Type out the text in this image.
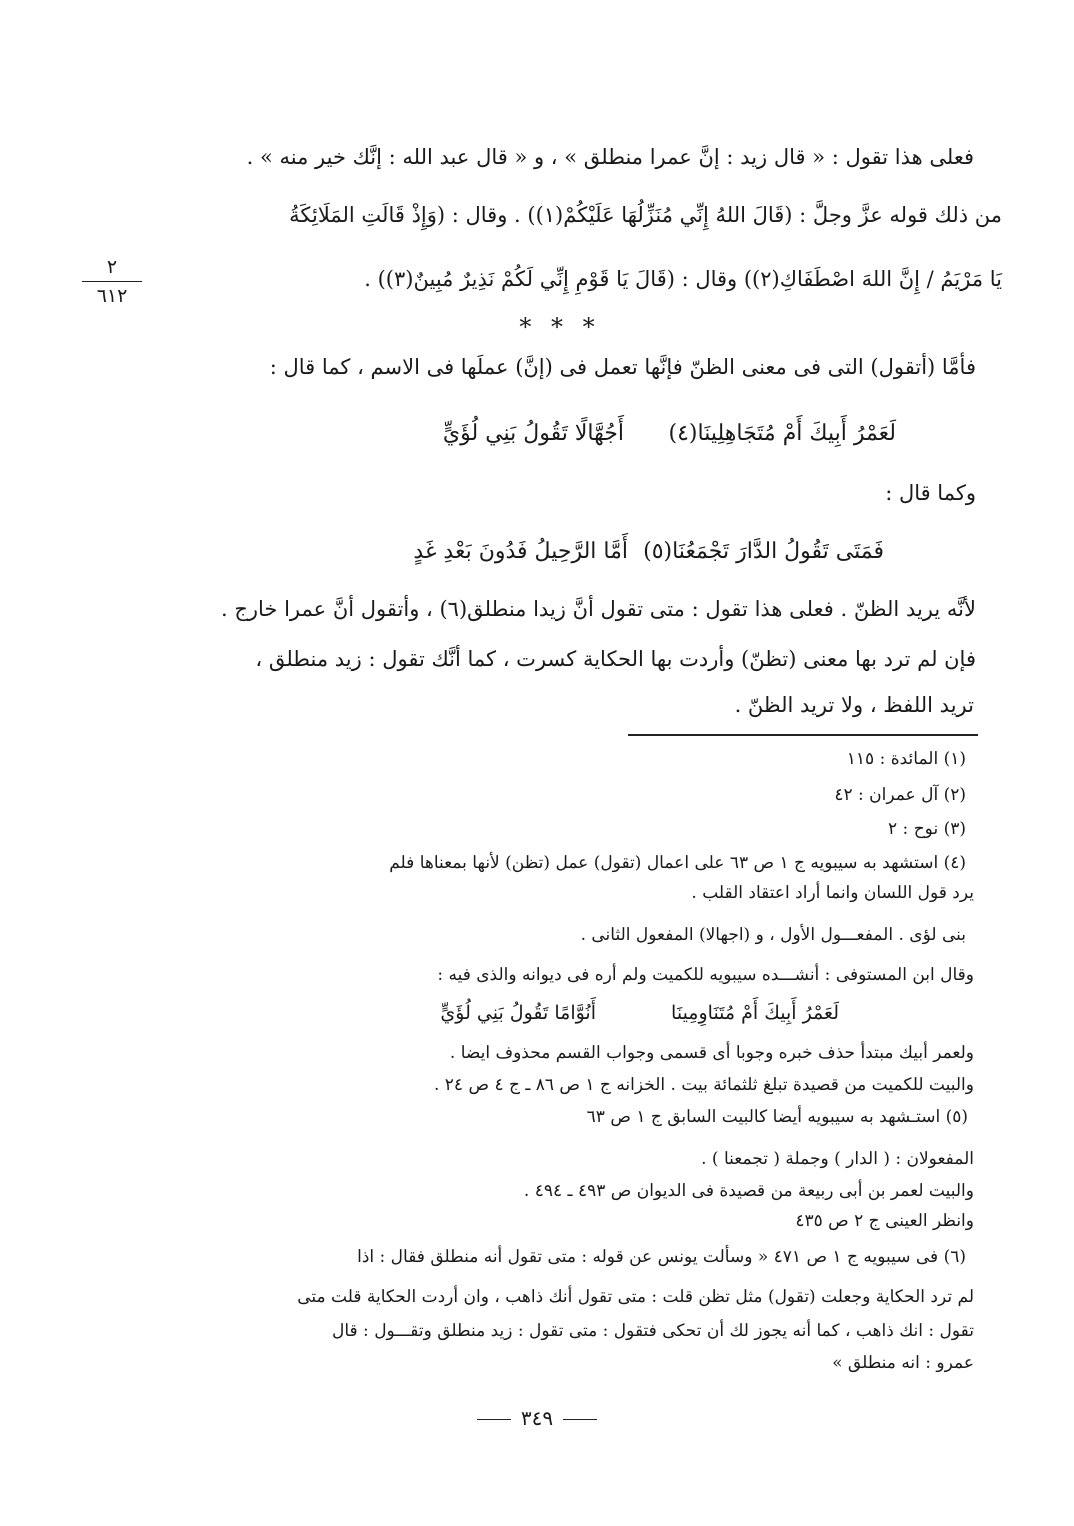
٢
٦١٢
فعلى هذا تقول : « قال زيد : إنَّ عمرا منطلق » ، و « قال عبد الله : إنَّك خير منه » .
من ذلك قوله عزَّ وجلَّ : (قَالَ اللهُ إِنِّي مُنَزِّلُهَا عَلَيْكُمْ(١)) . وقال : (وَإِذْ قَالَتِ المَلَائِكَةُ
يَا مَرْيَمُ / إِنَّ اللهَ اصْطَفَاكِ(٢)) وقال : (قَالَ يَا قَوْمِ إِنِّي لَكُمْ نَذِيرٌ مُبِينٌ(٣)) .
* * *
فأمَّا (أتقول) التى فى معنى الظنّ فإنَّها تعمل فى (إنَّ) عملَها فى الاسم ، كما قال :
أَجُهَّالًا تَقُولُ بَنِي لُؤَيٍّ لَعَمْرُ أَبِيكَ أَمْ مُتَجَاهِلِينَا(٤)
وكما قال :
أَمَّا الرَّحِيلُ فَدُونَ بَعْدِ غَدٍ فَمَتَى تَقُولُ الدَّارَ تَجْمَعُنَا(٥)
لأنَّه يريد الظنّ . فعلى هذا تقول : متى تقول أنَّ زيدا منطلق(٦) ، وأتقول أنَّ عمرا خارج .
فإن لم ترد بها معنى (تظنّ) وأردت بها الحكاية كسرت ، كما أنَّك تقول : زيد منطلق ،
تريد اللفظ ، ولا تريد الظنّ .
(١) المائدة : ١١٥
(٢) آل عمران : ٤٢
(٣) نوح : ٢
(٤) استشهد به سيبويه ج ١ ص ٦٣ على اعمال (تقول) عمل (تظن) لأنها بمعناها فلم
يرد قول اللسان وانما أراد اعتقاد القلب .
بنى لؤى . المفعـــول الأول ، و (اجهالا) المفعول الثانى .
وقال ابن المستوفى : أنشـــده سيبويه للكميت ولم أره فى ديوانه والذى فيه :
أَنُوَّامًا تَقُولُ بَنِي لُؤَيٍّ	لَعَمْرُ أَبِيكَ أَمْ مُتَنَاوِمِينَا
ولعمر أبيك مبتدأ حذف خبره وجوبا أى قسمى وجواب القسم محذوف ايضا .
والبيت للكميت من قصيدة تبلغ ثلثمائة بيت . الخزانه ج ١ ص ٨٦ ـ ج ٤ ص ٢٤ .
(٥) استـشهد به سيبويه أيضا كالبيت السابق ج ١ ص ٦٣
المفعولان : ( الدار ) وجملة ( تجمعنا ) .
والبيت لعمر بن أبى ربيعة من قصيدة فى الديوان ص ٤٩٣ ـ ٤٩٤ .
وانظر العينى ج ٢ ص ٤٣٥
(٦) فى سيبويه ج ١ ص ٤٧١ « وسألت يونس عن قوله : متى تقول أنه منطلق فقال : اذا
لم ترد الحكاية وجعلت (تقول) مثل تظن قلت : متى تقول أنك ذاهب ، وان أردت الحكاية قلت متى
تقول : انك ذاهب ، كما أنه يجوز لك أن تحكى فتقول : متى تقول : زيد منطلق وتقـــول : قال
عمرو : انه منطلق »
٣٤٩
